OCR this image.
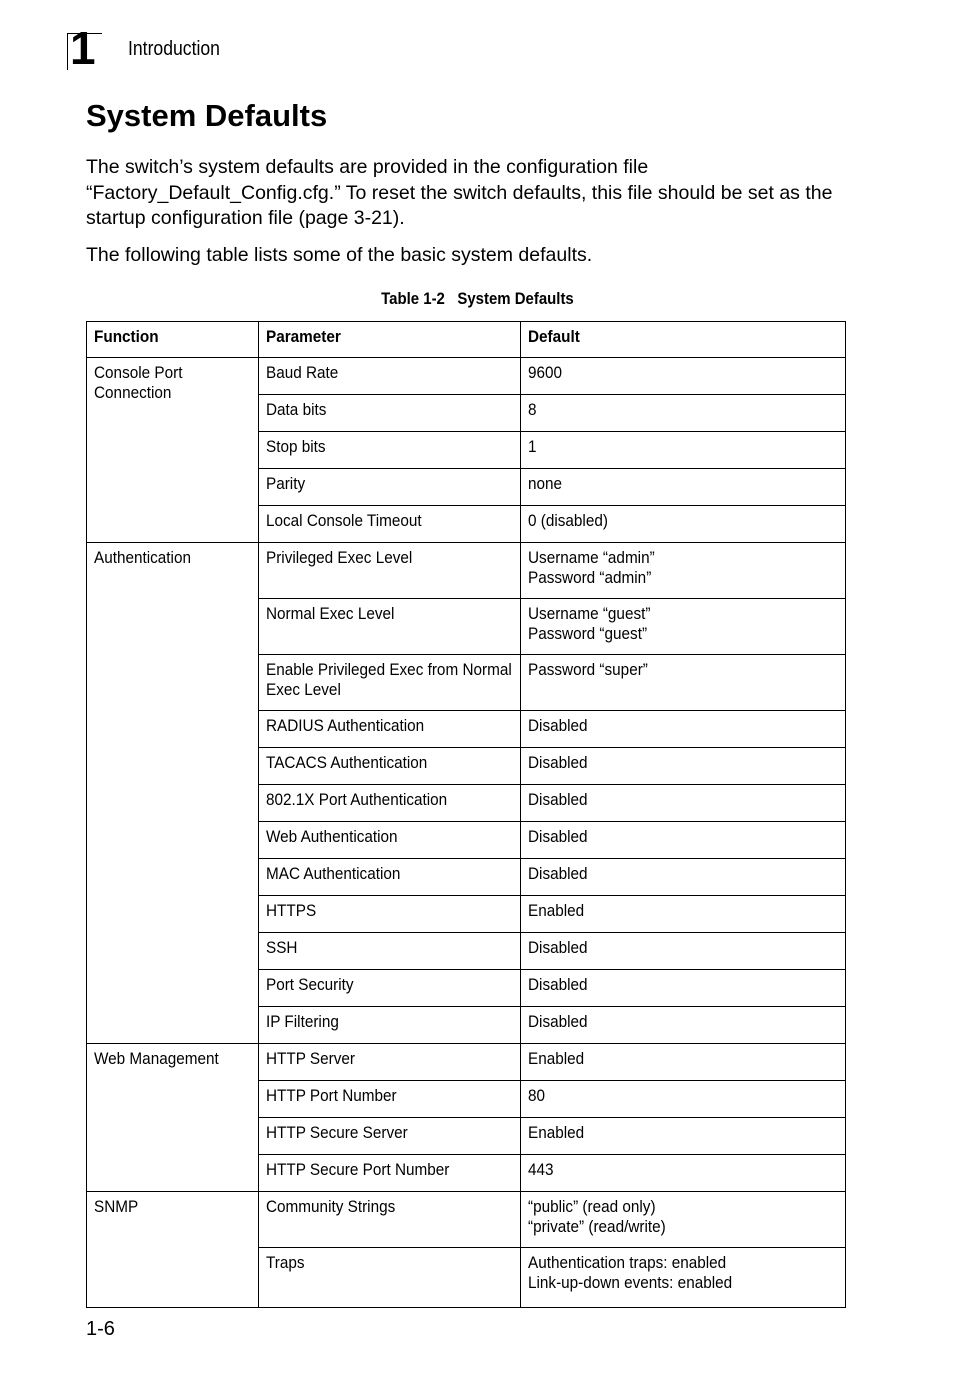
1 Introduction
System Defaults

The switch’s system defaults are provided in the configuration file “Factory_Default_Config.cfg.” To reset the switch defaults, this file should be set as the startup configuration file (page 3-21).

The following table lists some of the basic system defaults.

Table 1-2   System Defaults
Function	Parameter	Default
Console Port
Connection	Baud Rate	9600
	Data bits	8
	Stop bits	1
	Parity	none
	Local Console Timeout	0 (disabled)
Authentication	Privileged Exec Level	Username “admin”
Password “admin”
	Normal Exec Level	Username “guest”
Password “guest”
	Enable Privileged Exec from Normal
Exec Level	Password “super”
	RADIUS Authentication	Disabled
	TACACS Authentication	Disabled
	802.1X Port Authentication	Disabled
	Web Authentication	Disabled
	MAC Authentication	Disabled
	HTTPS	Enabled
	SSH	Disabled
	Port Security	Disabled
	IP Filtering	Disabled
Web Management	HTTP Server	Enabled
	HTTP Port Number	80
	HTTP Secure Server	Enabled
	HTTP Secure Port Number	443
SNMP	Community Strings	“public” (read only)
“private” (read/write)
	Traps	Authentication traps: enabled
Link-up-down events: enabled
1-6
